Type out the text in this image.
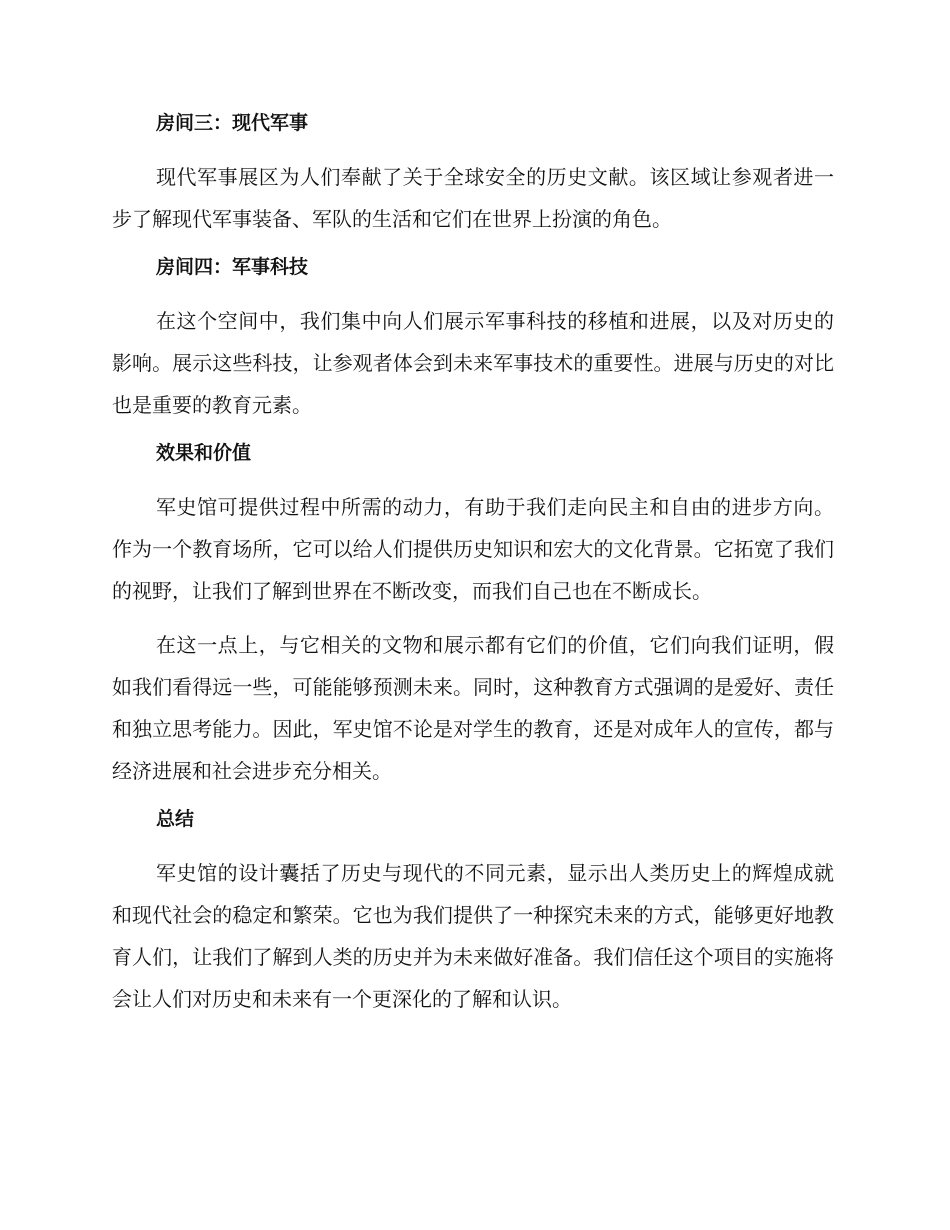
房间三：现代军事

现代军事展区为人们奉献了关于全球安全的历史文献。该区域让参观者进一步了解现代军事装备、军队的生活和它们在世界上扮演的角色。

房间四：军事科技

在这个空间中，我们集中向人们展示军事科技的移植和进展，以及对历史的影响。展示这些科技，让参观者体会到未来军事技术的重要性。进展与历史的对比也是重要的教育元素。

效果和价值

军史馆可提供过程中所需的动力，有助于我们走向民主和自由的进步方向。作为一个教育场所，它可以给人们提供历史知识和宏大的文化背景。它拓宽了我们的视野，让我们了解到世界在不断改变，而我们自己也在不断成长。

在这一点上，与它相关的文物和展示都有它们的价值，它们向我们证明，假如我们看得远一些，可能能够预测未来。同时，这种教育方式强调的是爱好、责任和独立思考能力。因此，军史馆不论是对学生的教育，还是对成年人的宣传，都与经济进展和社会进步充分相关。

总结

军史馆的设计囊括了历史与现代的不同元素，显示出人类历史上的辉煌成就和现代社会的稳定和繁荣。它也为我们提供了一种探究未来的方式，能够更好地教育人们，让我们了解到人类的历史并为未来做好准备。我们信任这个项目的实施将会让人们对历史和未来有一个更深化的了解和认识。
